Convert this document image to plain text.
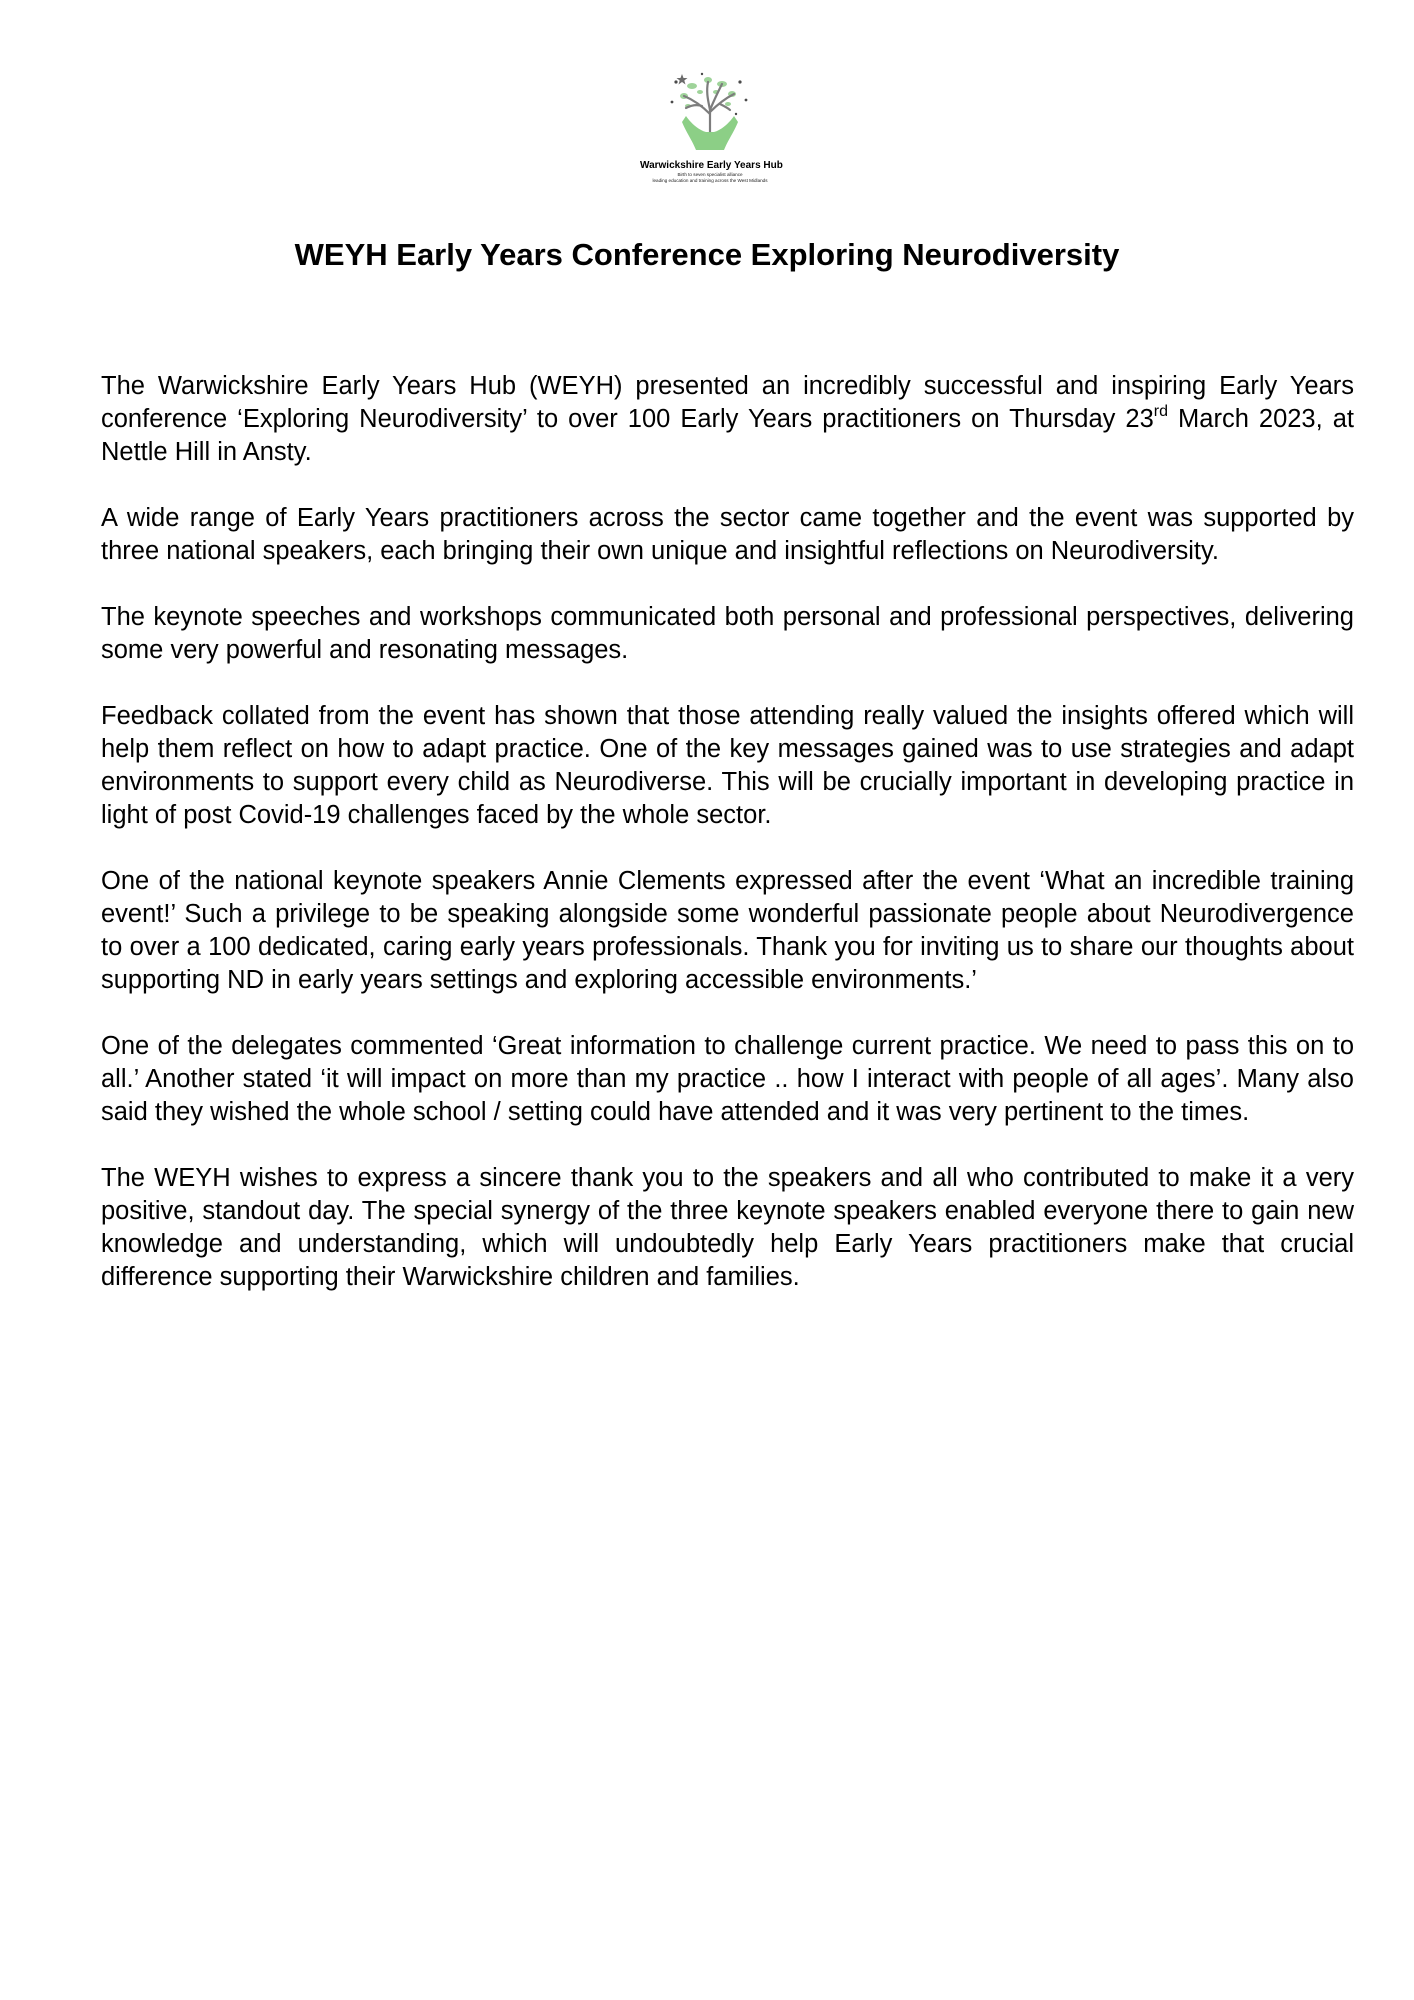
Warwickshire Early Years Hub
Birth to seven specialist alliance
leading education and training across the West Midlands
WEYH Early Years Conference Exploring Neurodiversity

The Warwickshire Early Years Hub (WEYH) presented an incredibly successful and inspiring Early Years conference ‘Exploring Neurodiversity’ to over 100 Early Years practitioners on Thursday 23rd March 2023, at Nettle Hill in Ansty.

A wide range of Early Years practitioners across the sector came together and the event was supported by three national speakers, each bringing their own unique and insightful reflections on Neurodiversity.

The keynote speeches and workshops communicated both personal and professional perspectives, delivering some very powerful and resonating messages.

Feedback collated from the event has shown that those attending really valued the insights offered which will help them reflect on how to adapt practice. One of the key messages gained was to use strategies and adapt environments to support every child as Neurodiverse. This will be crucially important in developing practice in light of post Covid-19 challenges faced by the whole sector.

One of the national keynote speakers Annie Clements expressed after the event ‘What an incredible training event!’ Such a privilege to be speaking alongside some wonderful passionate people about Neurodivergence to over a 100 dedicated, caring early years professionals. Thank you for inviting us to share our thoughts about supporting ND in early years settings and exploring accessible environments.’

One of the delegates commented ‘Great information to challenge current practice. We need to pass this on to all.’ Another stated ‘it will impact on more than my practice .. how I interact with people of all ages’. Many also said they wished the whole school / setting could have attended and it was very pertinent to the times.

The WEYH wishes to express a sincere thank you to the speakers and all who contributed to make it a very positive, standout day. The special synergy of the three keynote speakers enabled everyone there to gain new knowledge and understanding, which will undoubtedly help Early Years practitioners make that crucial difference supporting their Warwickshire children and families.
